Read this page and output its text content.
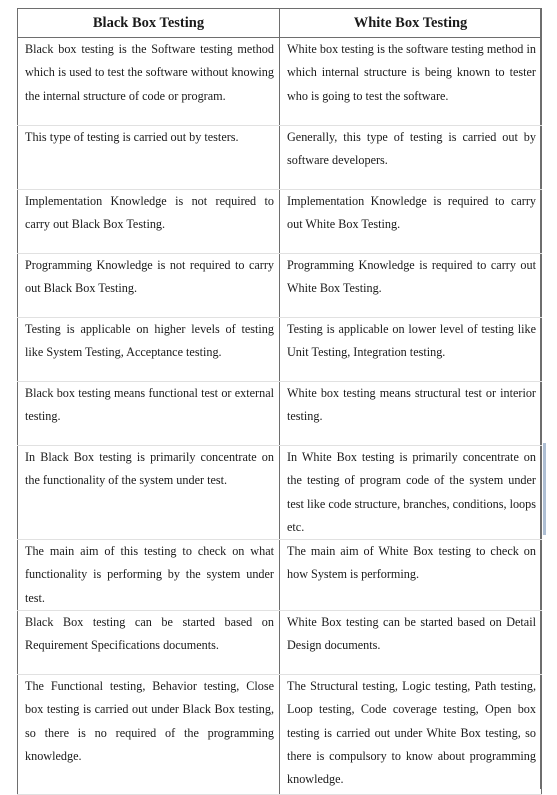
Black Box Testing	White Box Testing

Black box testing is the Software testing method which is used to test the software without knowing the internal structure of code or program.	White box testing is the software testing method in which internal structure is being known to tester who is going to test the software.

This type of testing is carried out by testers.	Generally, this type of testing is carried out by software developers.

Implementation Knowledge is not required to carry out Black Box Testing.	Implementation Knowledge is required to carry out White Box Testing.

Programming Knowledge is not required to carry out Black Box Testing.	Programming Knowledge is required to carry out White Box Testing.

Testing is applicable on higher levels of testing like System Testing, Acceptance testing.	Testing is applicable on lower level of testing like Unit Testing, Integration testing.

Black box testing means functional test or external testing.	White box testing means structural test or interior testing.

In Black Box testing is primarily concentrate on the functionality of the system under test.	In White Box testing is primarily concentrate on the testing of program code of the system under test like code structure, branches, conditions, loops etc.

The main aim of this testing to check on what functionality is performing by the system under test.	The main aim of White Box testing to check on how System is performing.

Black Box testing can be started based on Requirement Specifications documents.	White Box testing can be started based on Detail Design documents.

The Functional testing, Behavior testing, Close box testing is carried out under Black Box testing, so there is no required of the programming knowledge.	The Structural testing, Logic testing, Path testing, Loop testing, Code coverage testing, Open box testing is carried out under White Box testing, so there is compulsory to know about programming knowledge.
